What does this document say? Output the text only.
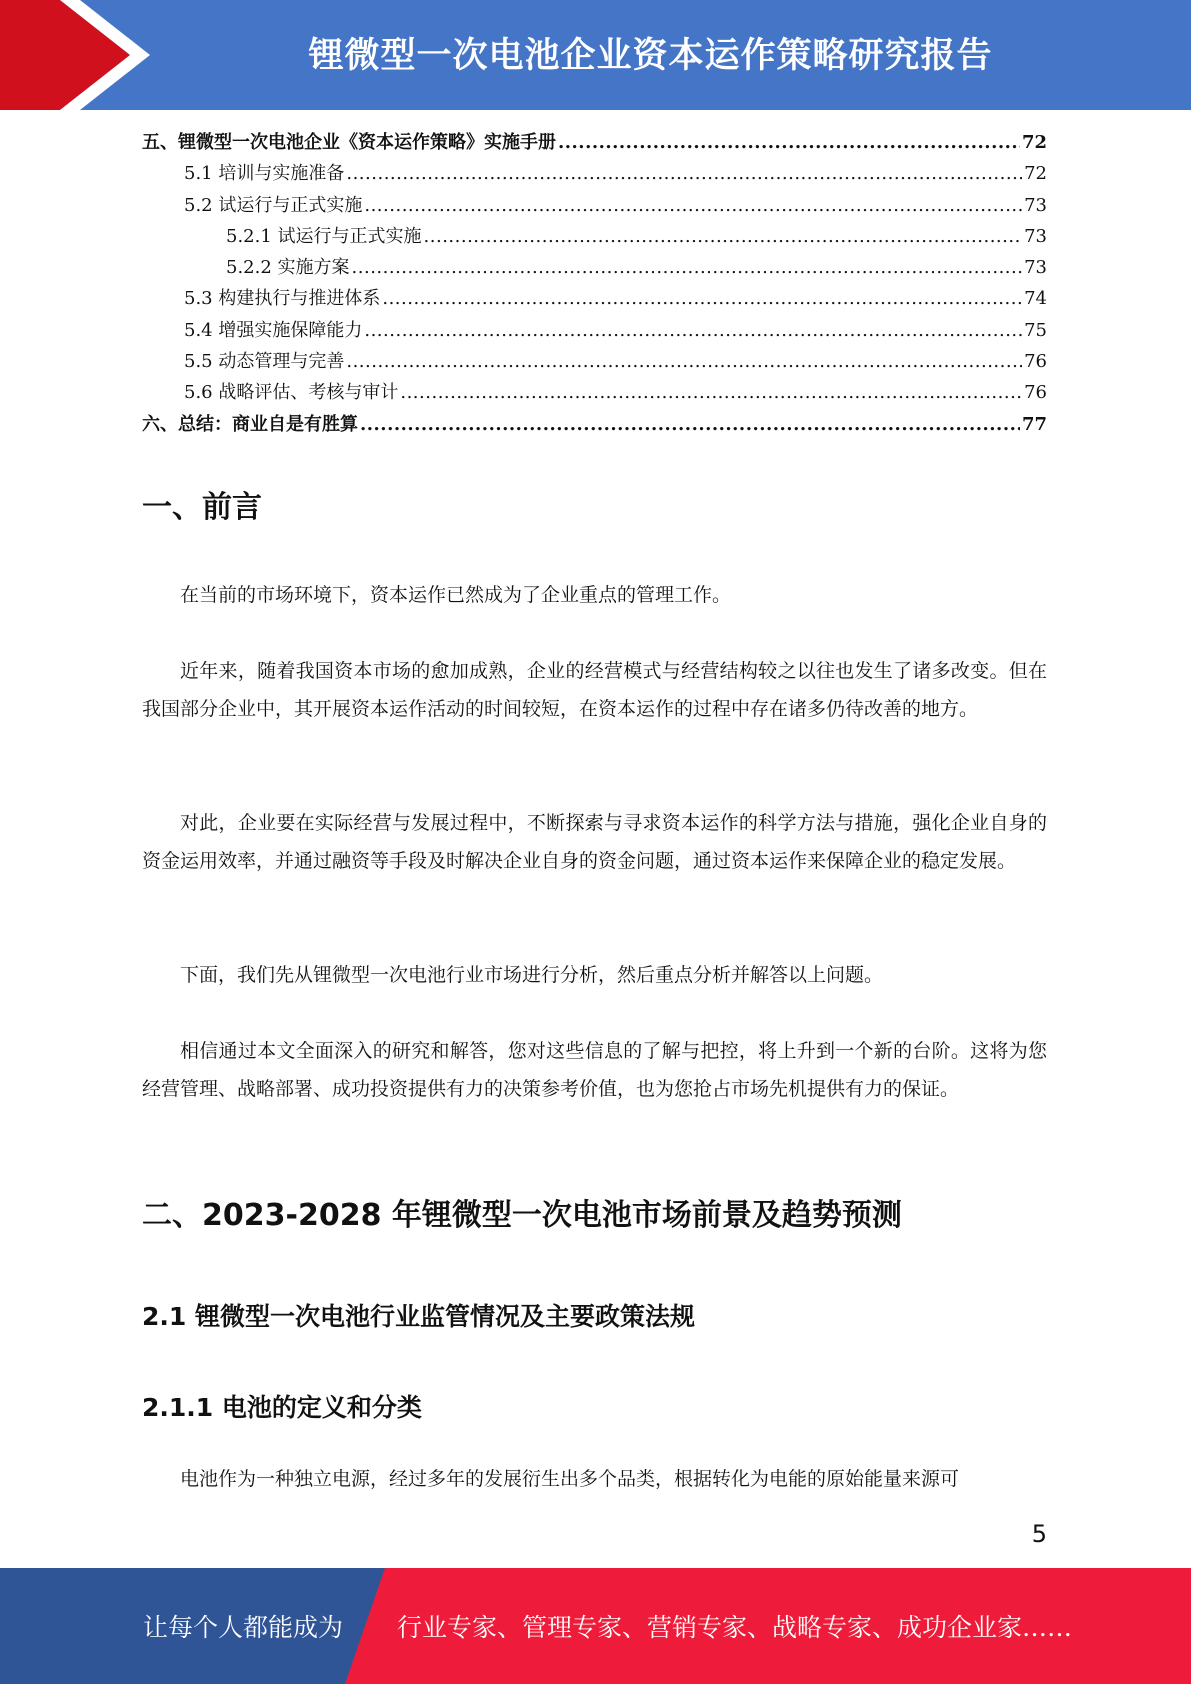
锂微型一次电池企业资本运作策略研究报告
五、锂微型一次电池企业《资本运作策略》实施手册 .....	72
5.1 培训与实施准备 .....	72
5.2 试运行与正式实施 .....	73
5.2.1 试运行与正式实施 .....	73
5.2.2 实施方案 .....	73
5.3 构建执行与推进体系 .....	74
5.4 增强实施保障能力 .....	75
5.5 动态管理与完善 .....	76
5.6 战略评估、考核与审计 .....	76
六、总结：商业自是有胜算 .....	77
一、前言

在当前的市场环境下，资本运作已然成为了企业重点的管理工作。

近年来，随着我国资本市场的愈加成熟，企业的经营模式与经营结构较之以往也发生了诸多改变。但在我国部分企业中，其开展资本运作活动的时间较短，在资本运作的过程中存在诸多仍待改善的地方。

对此，企业要在实际经营与发展过程中，不断探索与寻求资本运作的科学方法与措施，强化企业自身的资金运用效率，并通过融资等手段及时解决企业自身的资金问题，通过资本运作来保障企业的稳定发展。

下面，我们先从锂微型一次电池行业市场进行分析，然后重点分析并解答以上问题。

相信通过本文全面深入的研究和解答，您对这些信息的了解与把控，将上升到一个新的台阶。这将为您经营管理、战略部署、成功投资提供有力的决策参考价值，也为您抢占市场先机提供有力的保证。

二、2023-2028 年锂微型一次电池市场前景及趋势预测
2.1 锂微型一次电池行业监管情况及主要政策法规
2.1.1 电池的定义和分类

电池作为一种独立电源，经过多年的发展衍生出多个品类，根据转化为电能的原始能量来源可

5
让每个人都能成为 行业专家、管理专家、营销专家、战略专家、成功企业家……
